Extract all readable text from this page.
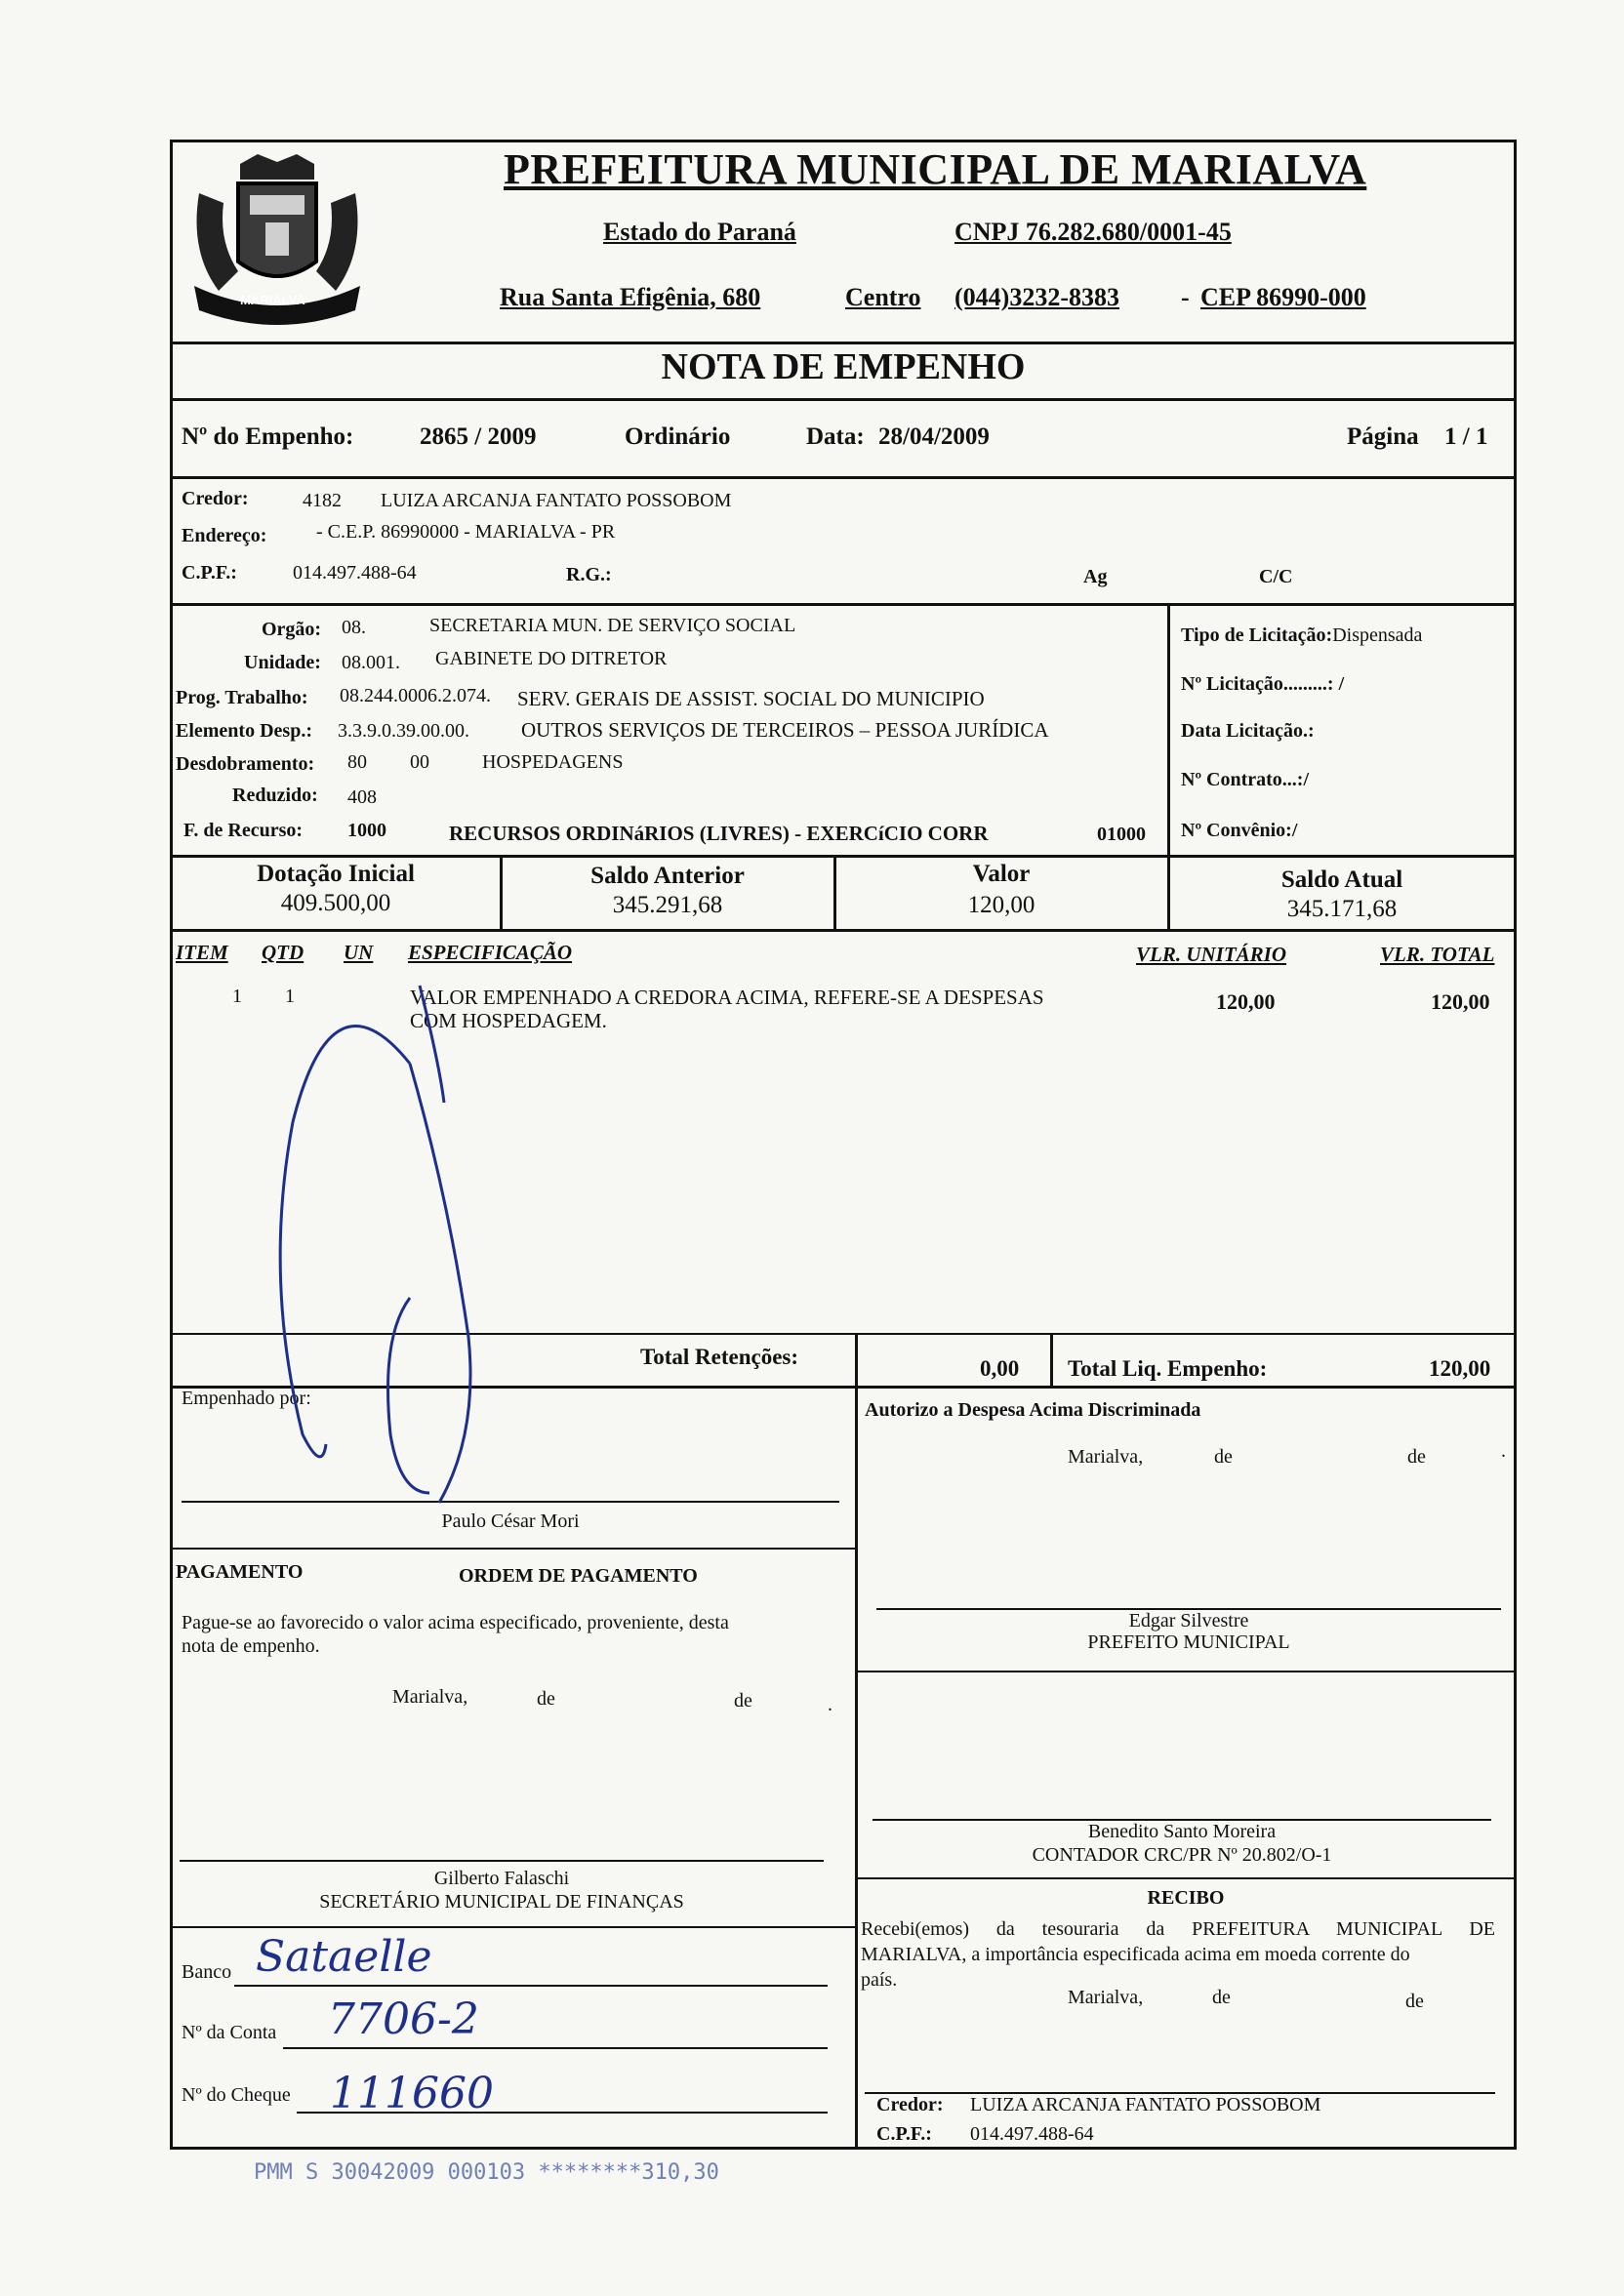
MARIALVA
PREFEITURA MUNICIPAL DE MARIALVA
Estado do Paraná	CNPJ 76.282.680/0001-45
Rua Santa Efigênia, 680	Centro (044)3232-8383 - CEP 86990-000
NOTA DE EMPENHO
Nº do Empenho:	2865 / 2009	Ordinário	Data: 28/04/2009	Página 1 / 1
Credor:	4182 LUIZA ARCANJA FANTATO POSSOBOM
Endereço:	- C.E.P. 86990000 - MARIALVA - PR
C.P.F.:	014.497.488-64	R.G.:	Ag	C/C
Orgão: 08.	SECRETARIA MUN. DE SERVIÇO SOCIAL
Unidade: 08.001. GABINETE DO DITRETOR
Prog. Trabalho: 08.244.0006.2.074. SERV. GERAIS DE ASSIST. SOCIAL DO MUNICIPIO
Elemento Desp.: 3.3.9.0.39.00.00.	OUTROS SERVIÇOS DE TERCEIROS – PESSOA JURÍDICA
Desdobramento: 80 00	HOSPEDAGENS
Reduzido: 408
F. de Recurso: 1000	RECURSOS ORDINáRIOS (LIVRES) - EXERCíCIO CORR	01000
Tipo de Licitação:Dispensada
Nº Licitação.........: /
Data Licitação.:
Nº Contrato...:/
Nº Convênio:/
Dotação Inicial
409.500,00
Saldo Anterior
345.291,68
Valor
120,00
Saldo Atual
345.171,68
ITEM QTD UN ESPECIFICAÇÃO	VLR. UNITÁRIO	VLR. TOTAL
1 1	VALOR EMPENHADO A CREDORA ACIMA, REFERE-SE A DESPESAS
COM HOSPEDAGEM.
120,00	120,00
Total Retenções:	0,00 Total Liq. Empenho:	120,00
Empenhado por:
Paulo César Mori
Autorizo a Despesa Acima Discriminada
Marialva,	de	de	.
PAGAMENTO	ORDEM DE PAGAMENTO
Pague-se ao favorecido o valor acima especificado, proveniente, desta
nota de empenho.
Marialva,	de	de	.
Edgar Silvestre
PREFEITO MUNICIPAL
Benedito Santo Moreira
CONTADOR CRC/PR Nº 20.802/O-1
Gilberto Falaschi
SECRETÁRIO MUNICIPAL DE FINANÇAS	RECIBO
Recebi(emos) da tesouraria da PREFEITURA MUNICIPAL DE
MARIALVA, a importância especificada acima em moeda corrente do
país.
Marialva,	de	de
Banco Sataelle
Nº da Conta 7706-2
Nº do Cheque 111660	Credor: LUIZA ARCANJA FANTATO POSSOBOM
C.P.F.: 014.497.488-64
PMM S 30042009 000103 ********310,30
